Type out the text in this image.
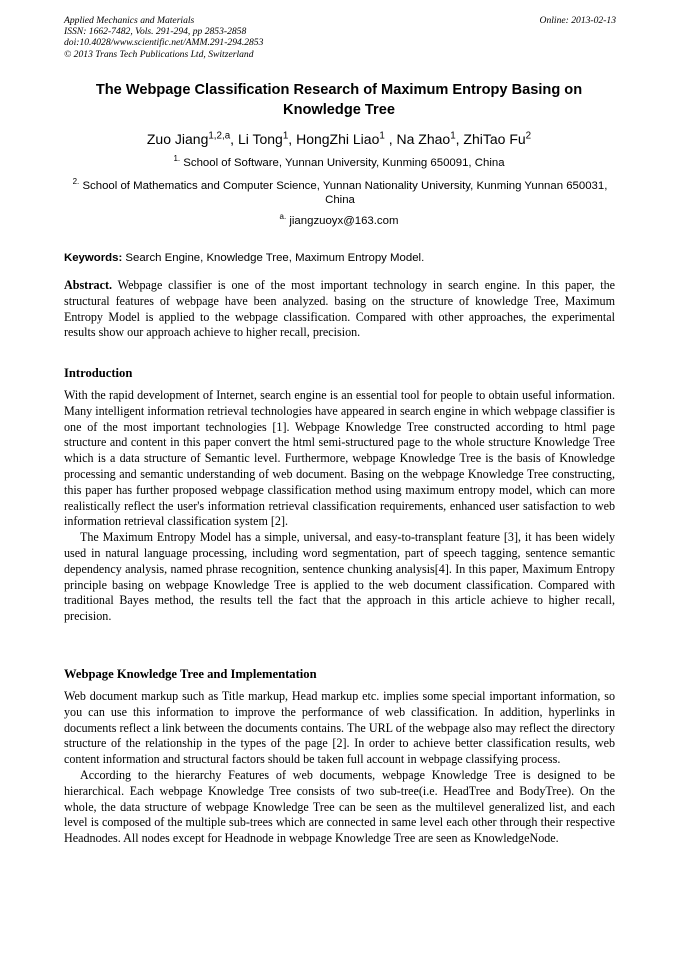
Applied Mechanics and Materials
ISSN: 1662-7482, Vols. 291-294, pp 2853-2858
doi:10.4028/www.scientific.net/AMM.291-294.2853
© 2013 Trans Tech Publications Ltd, Switzerland
Online: 2013-02-13
The Webpage Classification Research of Maximum Entropy Basing on Knowledge Tree
Zuo Jiang$^{1,2,a}$, Li Tong$^1$, HongZhi Liao$^1$ , Na Zhao$^1$, ZhiTao Fu$^2$
$^{1.}$ School of Software, Yunnan University, Kunming 650091, China
$^{2.}$ School of Mathematics and Computer Science, Yunnan Nationality University, Kunming Yunnan 650031, China
$^{a.}$ jiangzuoyx@163.com
Keywords: Search Engine, Knowledge Tree, Maximum Entropy Model.

Abstract. Webpage classifier is one of the most important technology in search engine. In this paper, the structural features of webpage have been analyzed. basing on the structure of knowledge Tree, Maximum Entropy Model is applied to the webpage classification. Compared with other approaches, the experimental results show our approach achieve to higher recall, precision.

Introduction

With the rapid development of Internet, search engine is an essential tool for people to obtain useful information. Many intelligent information retrieval technologies have appeared in search engine in which webpage classifier is one of the most important technologies [1]. Webpage Knowledge Tree constructed according to html page structure and content in this paper convert the html semi-structured page to the whole structure Knowledge Tree which is a data structure of Semantic level. Furthermore, webpage Knowledge Tree is the basis of Knowledge processing and semantic understanding of web document. Basing on the webpage Knowledge Tree constructing, this paper has further proposed webpage classification method using maximum entropy model, which can more realistically reflect the user's information retrieval classification requirements, enhanced user satisfaction to web information retrieval classification system [2].

The Maximum Entropy Model has a simple, universal, and easy-to-transplant feature [3], it has been widely used in natural language processing, including word segmentation, part of speech tagging, sentence semantic dependency analysis, named phrase recognition, sentence chunking analysis[4]. In this paper, Maximum Entropy principle basing on webpage Knowledge Tree is applied to the web document classification. Compared with traditional Bayes method, the results tell the fact that the approach in this article achieve to higher recall, precision.

Webpage Knowledge Tree and Implementation

Web document markup such as Title markup, Head markup etc. implies some special important information, so you can use this information to improve the performance of web classification. In addition, hyperlinks in documents reflect a link between the documents contains. The URL of the webpage also may reflect the directory structure of the relationship in the types of the page [2]. In order to achieve better classification results, web content information and structural factors should be taken full account in webpage classifying process.

According to the hierarchy Features of web documents, webpage Knowledge Tree is designed to be hierarchical. Each webpage Knowledge Tree consists of two sub-tree(i.e. HeadTree and BodyTree). On the whole, the data structure of webpage Knowledge Tree can be seen as the multilevel generalized list, and each level is composed of the multiple sub-trees which are connected in same level each other through their respective Headnodes. All nodes except for Headnode in webpage Knowledge Tree are seen as KnowledgeNode.
